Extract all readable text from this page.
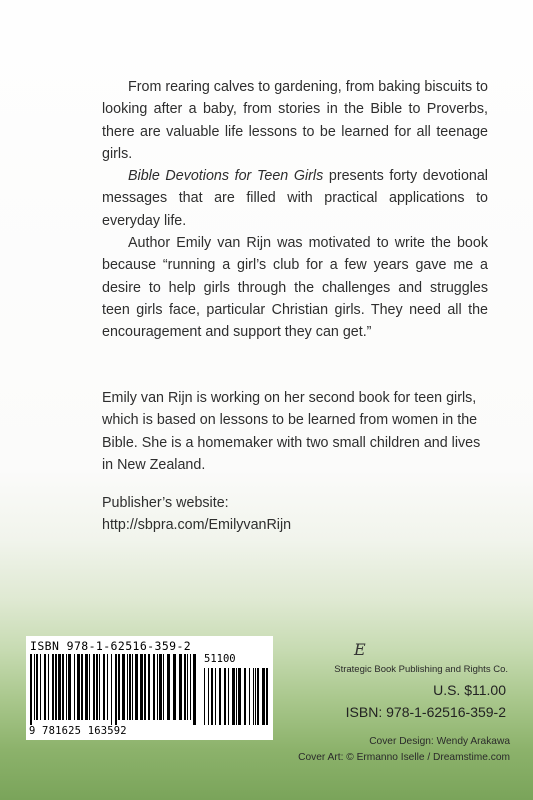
From rearing calves to gardening, from baking biscuits to looking after a baby, from stories in the Bible to Proverbs, there are valuable life lessons to be learned for all teenage girls.

Bible Devotions for Teen Girls presents forty devotional messages that are filled with practical applications to everyday life.

Author Emily van Rijn was motivated to write the book because “running a girl’s club for a few years gave me a desire to help girls through the challenges and struggles teen girls face, particular Christian girls. They need all the encouragement and support they can get.”

Emily van Rijn is working on her second book for teen girls, which is based on lessons to be learned from women in the Bible. She is a homemaker with two small children and lives in New Zealand.

Publisher’s website:
http://sbpra.com/EmilyvanRijn
ISBN 978-1-62516-359-2
51100
9 781625 163592
E
Strategic Book Publishing and Rights Co.
U.S. $11.00
ISBN: 978-1-62516-359-2
Cover Design: Wendy Arakawa
Cover Art: © Ermanno Iselle / Dreamstime.com
